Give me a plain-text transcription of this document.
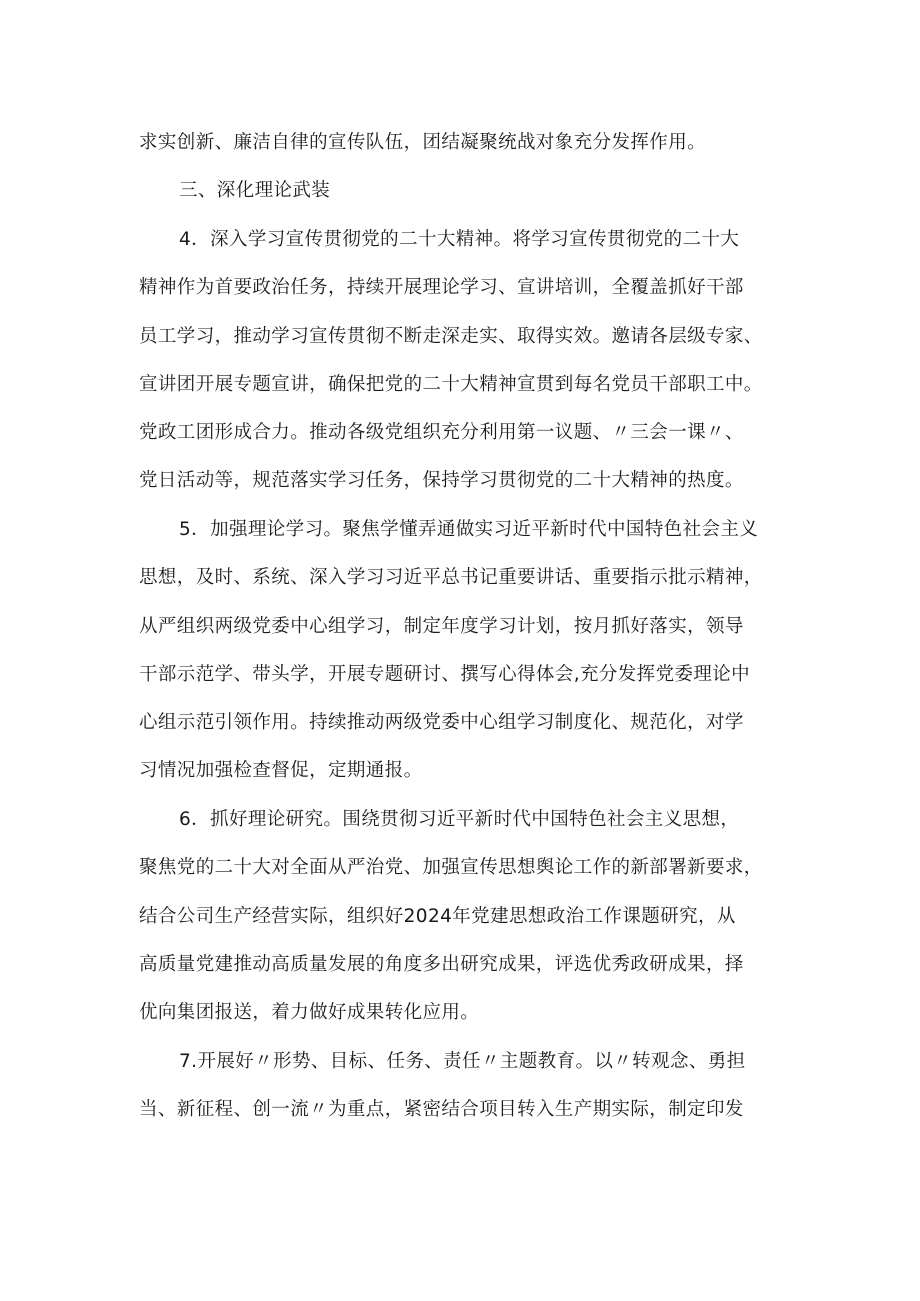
求实创新、廉洁自律的宣传队伍，团结凝聚统战对象充分发挥作用。

三、深化理论武装

4．深入学习宣传贯彻党的二十大精神。将学习宣传贯彻党的二十大
精神作为首要政治任务，持续开展理论学习、宣讲培训，全覆盖抓好干部
员工学习，推动学习宣传贯彻不断走深走实、取得实效。邀请各层级专家、
宣讲团开展专题宣讲，确保把党的二十大精神宣贯到每名党员干部职工中。
党政工团形成合力。推动各级党组织充分利用第一议题、〃三会一课〃、
党日活动等，规范落实学习任务，保持学习贯彻党的二十大精神的热度。

5．加强理论学习。聚焦学懂弄通做实习近平新时代中国特色社会主义
思想，及时、系统、深入学习习近平总书记重要讲话、重要指示批示精神，
从严组织两级党委中心组学习，制定年度学习计划，按月抓好落实，领导
干部示范学、带头学，开展专题研讨、撰写心得体会,充分发挥党委理论中
心组示范引领作用。持续推动两级党委中心组学习制度化、规范化，对学
习情况加强检查督促，定期通报。

6．抓好理论研究。围绕贯彻习近平新时代中国特色社会主义思想，
聚焦党的二十大对全面从严治党、加强宣传思想舆论工作的新部署新要求，
结合公司生产经营实际，组织好2024年党建思想政治工作课题研究，从
高质量党建推动高质量发展的角度多出研究成果，评选优秀政研成果，择
优向集团报送，着力做好成果转化应用。

7.开展好〃形势、目标、任务、责任〃主题教育。以〃转观念、勇担
当、新征程、创一流〃为重点，紧密结合项目转入生产期实际，制定印发
